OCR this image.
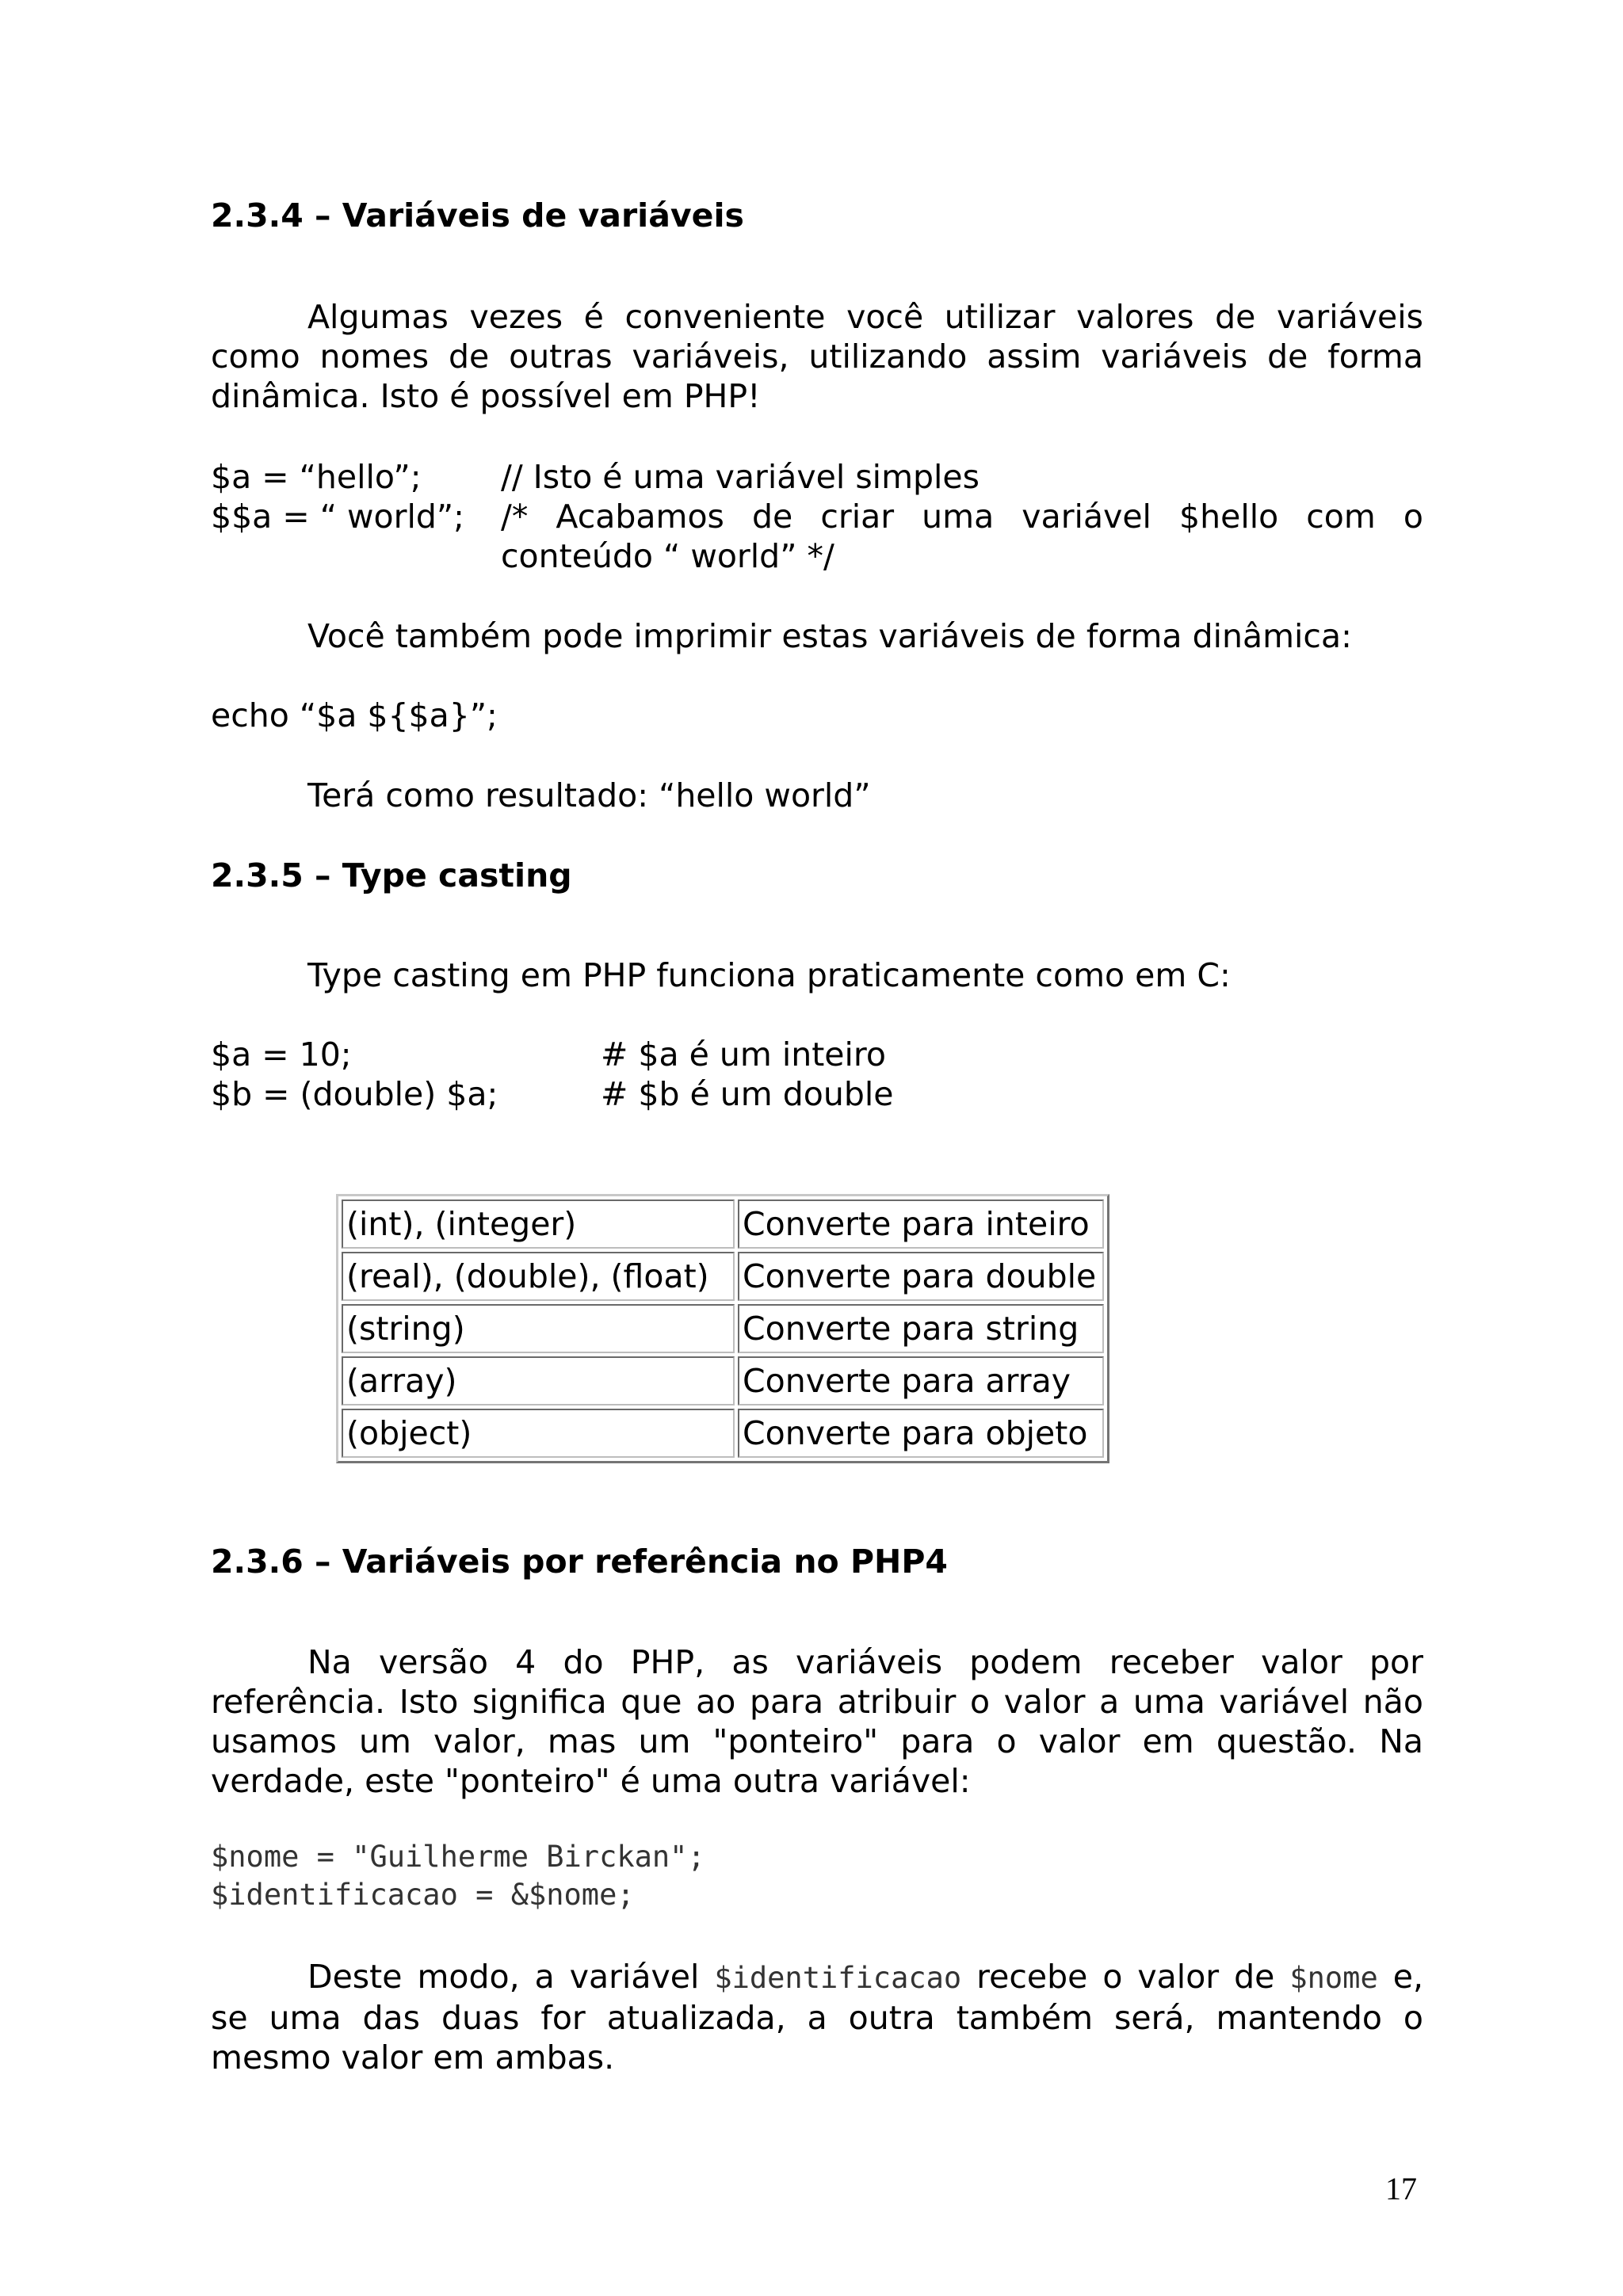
2.3.4 – Variáveis de variáveis
Algumas vezes é conveniente você utilizar valores de variáveis como nomes de outras variáveis, utilizando assim variáveis de forma dinâmica. Isto é possível em PHP!
$a = “hello”; // Isto é uma variável simples
$$a = “ world”; /* Acabamos de criar uma variável $hello com o conteúdo “ world” */
Você também pode imprimir estas variáveis de forma dinâmica:
echo “$a ${$a}”;
Terá como resultado: “hello world”
2.3.5 – Type casting
Type casting em PHP funciona praticamente como em C:
$a = 10;	# $a é um inteiro
$b = (double) $a;	# $b é um double
(int), (integer)	Converte para inteiro
(real), (double), (float)	Converte para double
(string)	Converte para string
(array)	Converte para array
(object)	Converte para objeto
2.3.6 – Variáveis por referência no PHP4
Na versão 4 do PHP, as variáveis podem receber valor por referência. Isto significa que ao para atribuir o valor a uma variável não usamos um valor, mas um "ponteiro" para o valor em questão. Na verdade, este "ponteiro" é uma outra variável:
$nome = "Guilherme Birckan";
$identificacao = &$nome;
Deste modo, a variável $identificacao recebe o valor de $nome e, se uma das duas for atualizada, a outra também será, mantendo o mesmo valor em ambas.
17
